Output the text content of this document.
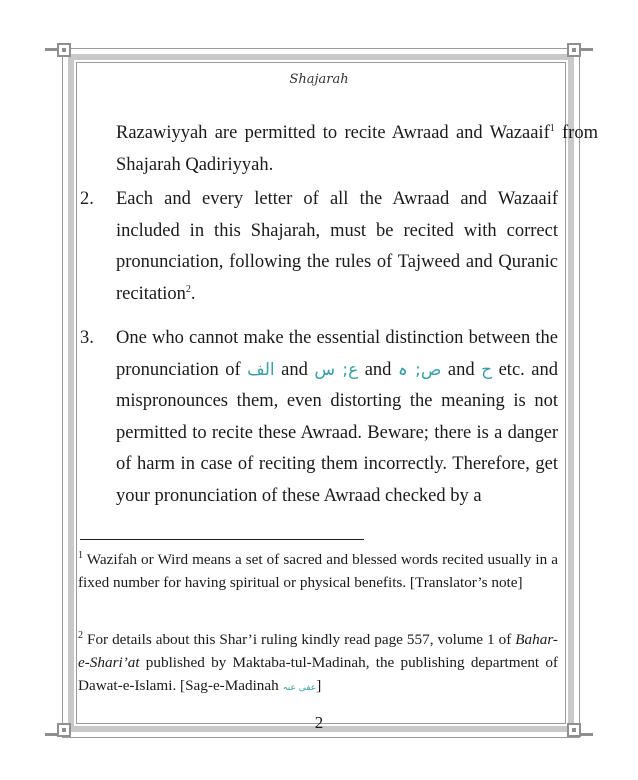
Shajarah
Razawiyyah are permitted to recite Awraad and Wazaaif$^1$ from Shajarah Qadiriyyah.
2. Each and every letter of all the Awraad and Wazaaif included in this Shajarah, must be recited with correct pronunciation, following the rules of Tajweed and Quranic recitation$^2$.
3. One who cannot make the essential distinction between the pronunciation of الف and ع; س and ص; ہ and ح etc. and mispronounces them, even distorting the meaning is not permitted to recite these Awraad. Beware; there is a danger of harm in case of reciting them incorrectly. Therefore, get your pronunciation of these Awraad checked by a
$^1$ Wazifah or Wird means a set of sacred and blessed words recited usually in a fixed number for having spiritual or physical benefits. [Translator’s note]
$^2$ For details about this Shar’i ruling kindly read page 557, volume 1 of Bahar-e-Shari’at published by Maktaba-tul-Madinah, the publishing department of Dawat-e-Islami. [Sag-e-Madinah عفی عنہ]
2
